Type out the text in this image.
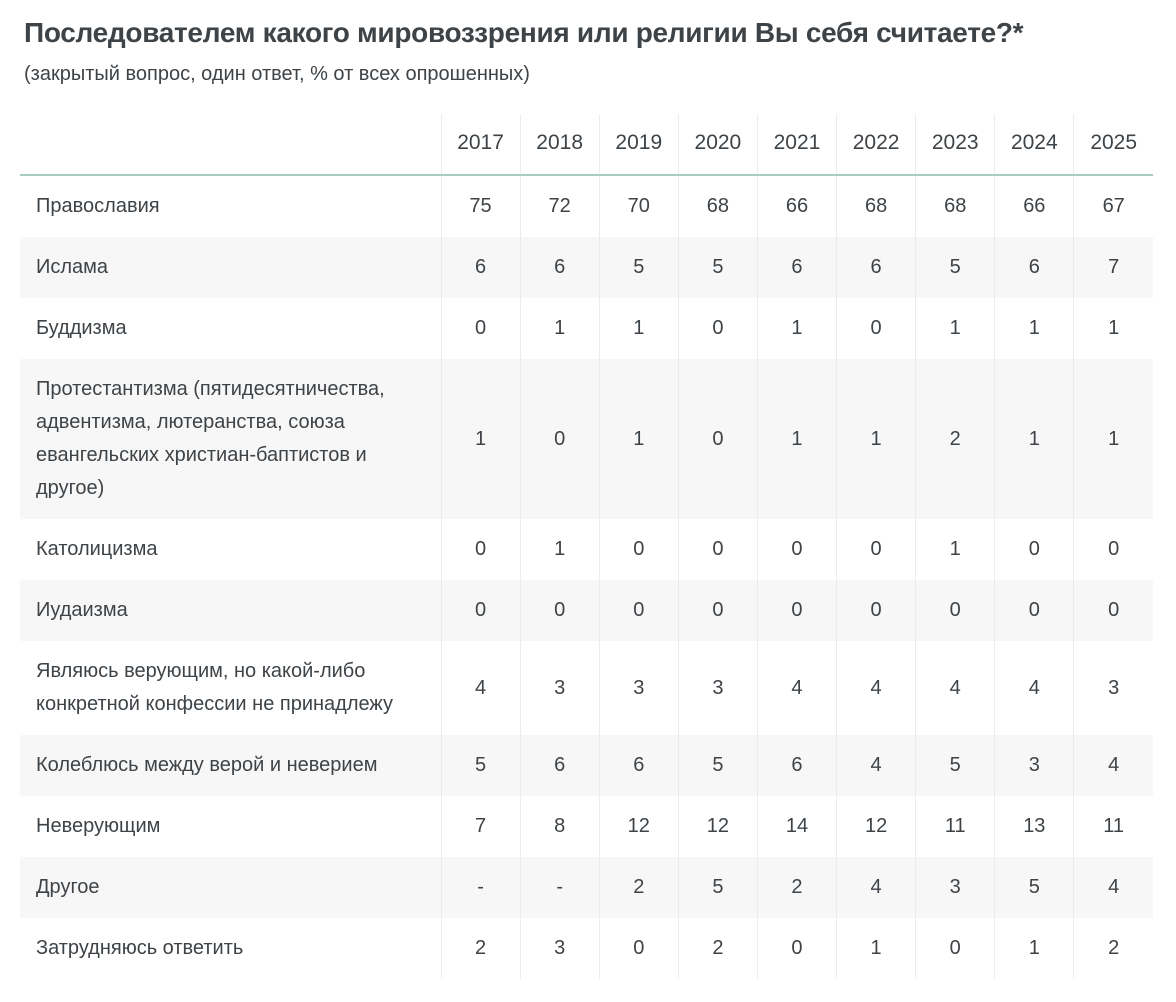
Последователем какого мировоззрения или религии Вы себя считаете?*

(закрытый вопрос, один ответ, % от всех опрошенных)

	2017	2018	2019	2020	2021	2022	2023	2024	2025
Православия	75	72	70	68	66	68	68	66	67
Ислама	6	6	5	5	6	6	5	6	7
Буддизма	0	1	1	0	1	0	1	1	1
Протестантизма (пятидесятничества, адвентизма, лютеранства, союза евангельских христиан-баптистов и другое)	1	0	1	0	1	1	2	1	1
Католицизма	0	1	0	0	0	0	1	0	0
Иудаизма	0	0	0	0	0	0	0	0	0
Являюсь верующим, но какой-либо конкретной конфессии не принадлежу	4	3	3	3	4	4	4	4	3
Колеблюсь между верой и неверием	5	6	6	5	6	4	5	3	4
Неверующим	7	8	12	12	14	12	11	13	11
Другое	-	-	2	5	2	4	3	5	4
Затрудняюсь ответить	2	3	0	2	0	1	0	1	2
